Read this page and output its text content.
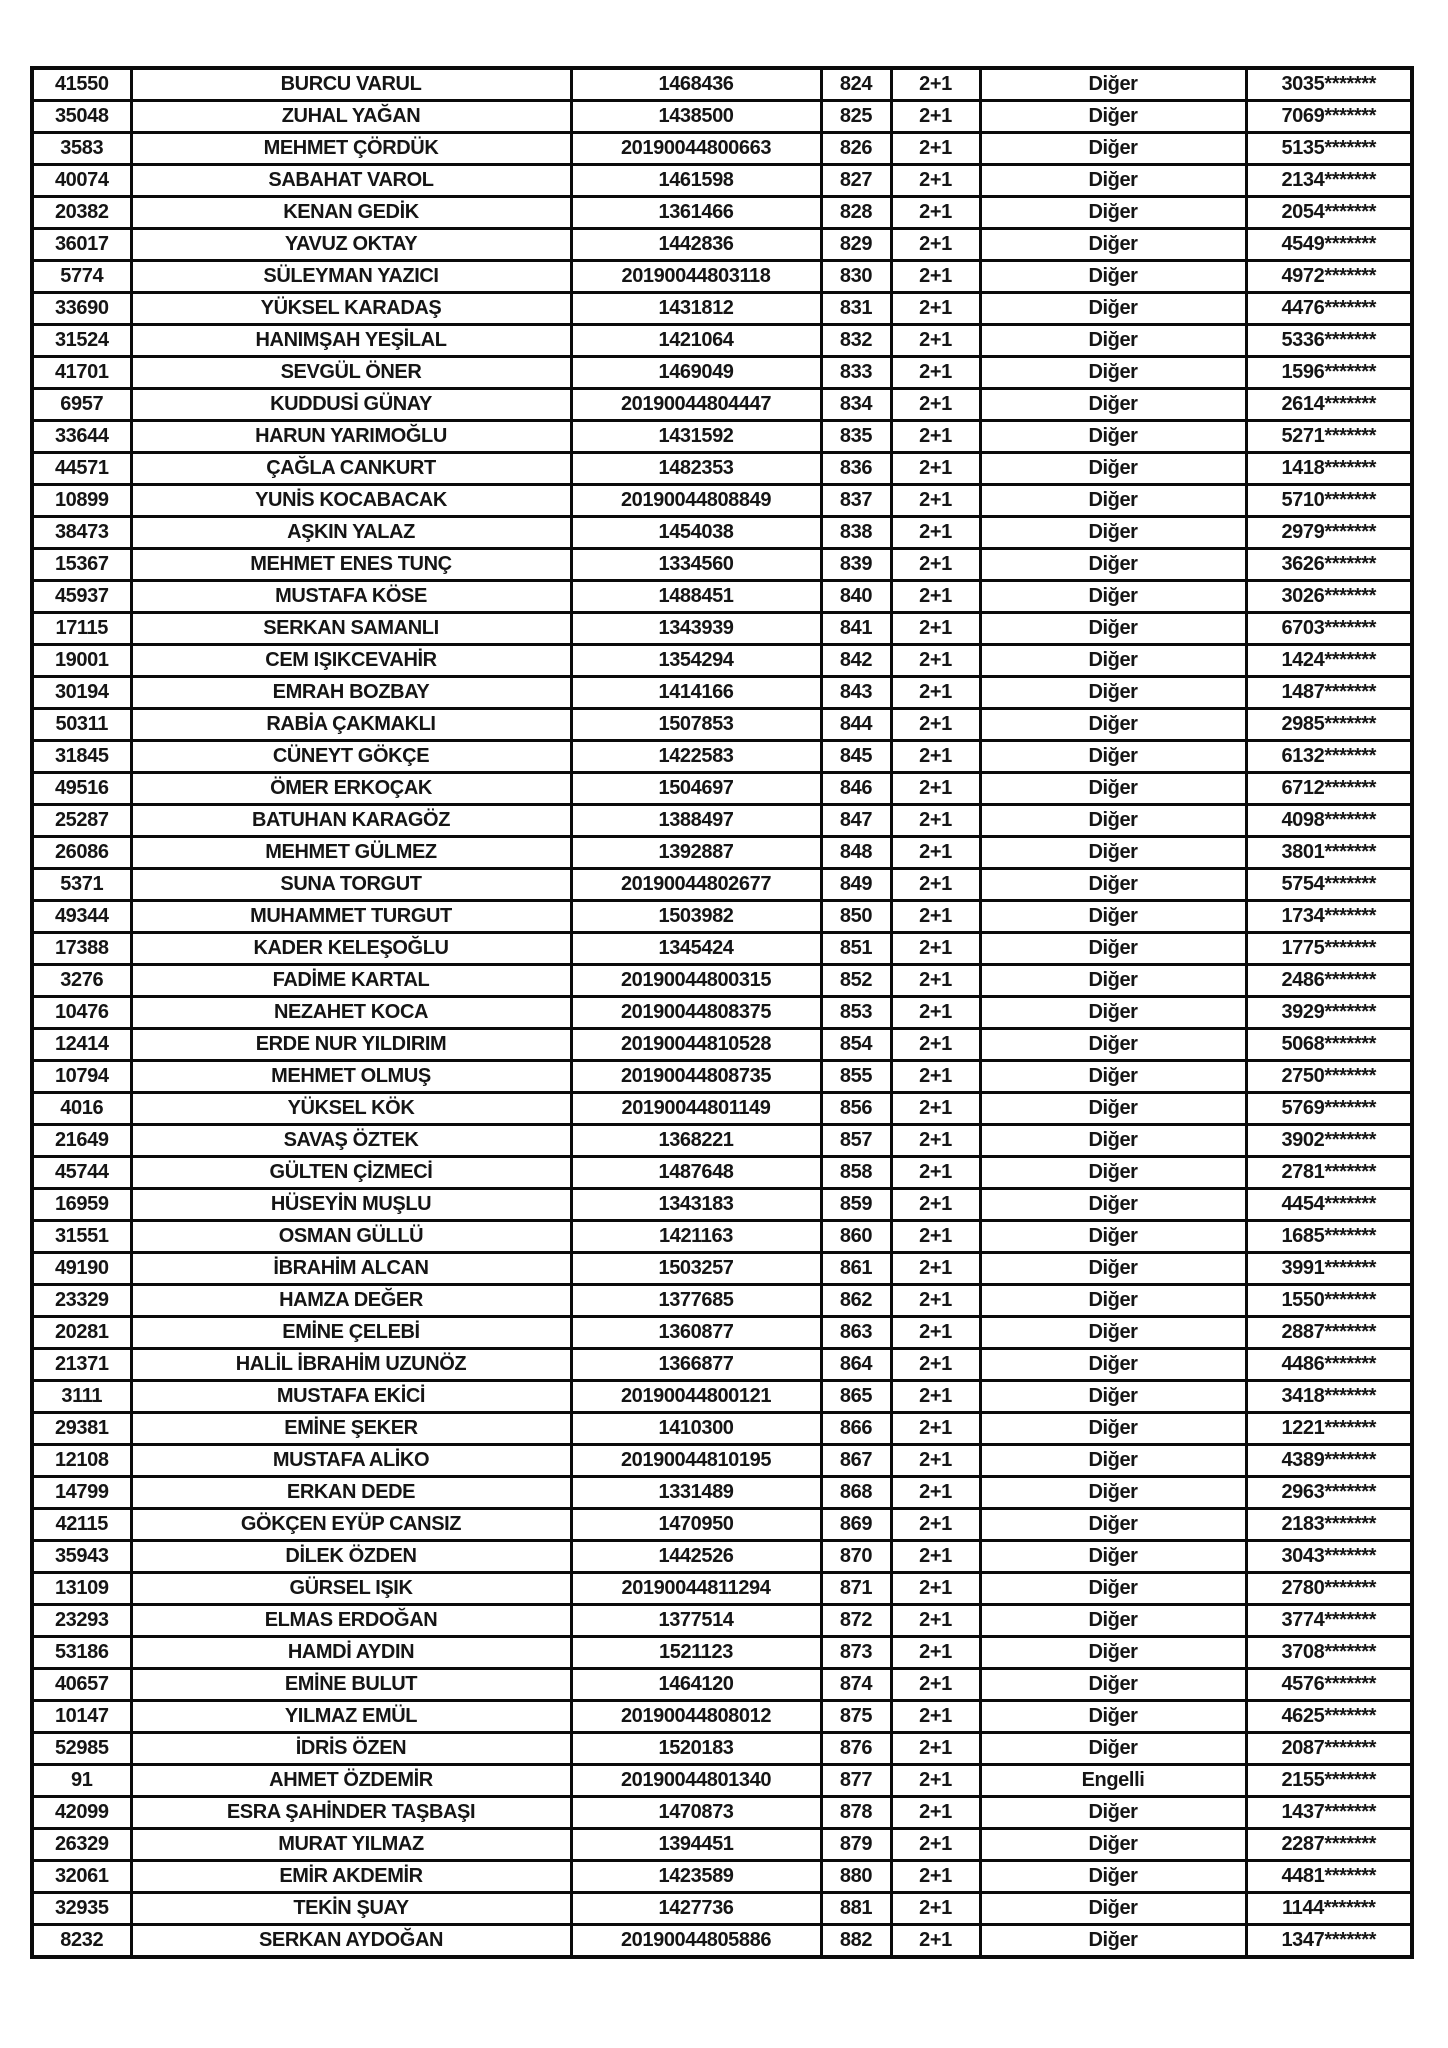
41550	BURCU VARUL	1468436	824	2+1	Diğer	3035*******
35048	ZUHAL YAĞAN	1438500	825	2+1	Diğer	7069*******
3583	MEHMET ÇÖRDÜK	20190044800663	826	2+1	Diğer	5135*******
40074	SABAHAT VAROL	1461598	827	2+1	Diğer	2134*******
20382	KENAN GEDİK	1361466	828	2+1	Diğer	2054*******
36017	YAVUZ OKTAY	1442836	829	2+1	Diğer	4549*******
5774	SÜLEYMAN YAZICI	20190044803118	830	2+1	Diğer	4972*******
33690	YÜKSEL KARADAŞ	1431812	831	2+1	Diğer	4476*******
31524	HANIMŞAH YEŞİLAL	1421064	832	2+1	Diğer	5336*******
41701	SEVGÜL ÖNER	1469049	833	2+1	Diğer	1596*******
6957	KUDDUSİ GÜNAY	20190044804447	834	2+1	Diğer	2614*******
33644	HARUN YARIMOĞLU	1431592	835	2+1	Diğer	5271*******
44571	ÇAĞLA CANKURT	1482353	836	2+1	Diğer	1418*******
10899	YUNİS KOCABACAK	20190044808849	837	2+1	Diğer	5710*******
38473	AŞKIN YALAZ	1454038	838	2+1	Diğer	2979*******
15367	MEHMET ENES TUNÇ	1334560	839	2+1	Diğer	3626*******
45937	MUSTAFA KÖSE	1488451	840	2+1	Diğer	3026*******
17115	SERKAN SAMANLI	1343939	841	2+1	Diğer	6703*******
19001	CEM IŞIKCEVAHİR	1354294	842	2+1	Diğer	1424*******
30194	EMRAH BOZBAY	1414166	843	2+1	Diğer	1487*******
50311	RABİA ÇAKMAKLI	1507853	844	2+1	Diğer	2985*******
31845	CÜNEYT GÖKÇE	1422583	845	2+1	Diğer	6132*******
49516	ÖMER ERKOÇAK	1504697	846	2+1	Diğer	6712*******
25287	BATUHAN KARAGÖZ	1388497	847	2+1	Diğer	4098*******
26086	MEHMET GÜLMEZ	1392887	848	2+1	Diğer	3801*******
5371	SUNA TORGUT	20190044802677	849	2+1	Diğer	5754*******
49344	MUHAMMET TURGUT	1503982	850	2+1	Diğer	1734*******
17388	KADER KELEŞOĞLU	1345424	851	2+1	Diğer	1775*******
3276	FADİME KARTAL	20190044800315	852	2+1	Diğer	2486*******
10476	NEZAHET KOCA	20190044808375	853	2+1	Diğer	3929*******
12414	ERDE NUR YILDIRIM	20190044810528	854	2+1	Diğer	5068*******
10794	MEHMET OLMUŞ	20190044808735	855	2+1	Diğer	2750*******
4016	YÜKSEL KÖK	20190044801149	856	2+1	Diğer	5769*******
21649	SAVAŞ ÖZTEK	1368221	857	2+1	Diğer	3902*******
45744	GÜLTEN ÇİZMECİ	1487648	858	2+1	Diğer	2781*******
16959	HÜSEYİN MUŞLU	1343183	859	2+1	Diğer	4454*******
31551	OSMAN GÜLLÜ	1421163	860	2+1	Diğer	1685*******
49190	İBRAHİM ALCAN	1503257	861	2+1	Diğer	3991*******
23329	HAMZA DEĞER	1377685	862	2+1	Diğer	1550*******
20281	EMİNE ÇELEBİ	1360877	863	2+1	Diğer	2887*******
21371	HALİL İBRAHİM UZUNÖZ	1366877	864	2+1	Diğer	4486*******
3111	MUSTAFA EKİCİ	20190044800121	865	2+1	Diğer	3418*******
29381	EMİNE ŞEKER	1410300	866	2+1	Diğer	1221*******
12108	MUSTAFA ALİKO	20190044810195	867	2+1	Diğer	4389*******
14799	ERKAN DEDE	1331489	868	2+1	Diğer	2963*******
42115	GÖKÇEN EYÜP CANSIZ	1470950	869	2+1	Diğer	2183*******
35943	DİLEK ÖZDEN	1442526	870	2+1	Diğer	3043*******
13109	GÜRSEL IŞIK	20190044811294	871	2+1	Diğer	2780*******
23293	ELMAS ERDOĞAN	1377514	872	2+1	Diğer	3774*******
53186	HAMDİ AYDIN	1521123	873	2+1	Diğer	3708*******
40657	EMİNE BULUT	1464120	874	2+1	Diğer	4576*******
10147	YILMAZ EMÜL	20190044808012	875	2+1	Diğer	4625*******
52985	İDRİS ÖZEN	1520183	876	2+1	Diğer	2087*******
91	AHMET ÖZDEMİR	20190044801340	877	2+1	Engelli	2155*******
42099	ESRA ŞAHİNDER TAŞBAŞI	1470873	878	2+1	Diğer	1437*******
26329	MURAT YILMAZ	1394451	879	2+1	Diğer	2287*******
32061	EMİR AKDEMİR	1423589	880	2+1	Diğer	4481*******
32935	TEKİN ŞUAY	1427736	881	2+1	Diğer	1144*******
8232	SERKAN AYDOĞAN	20190044805886	882	2+1	Diğer	1347*******
